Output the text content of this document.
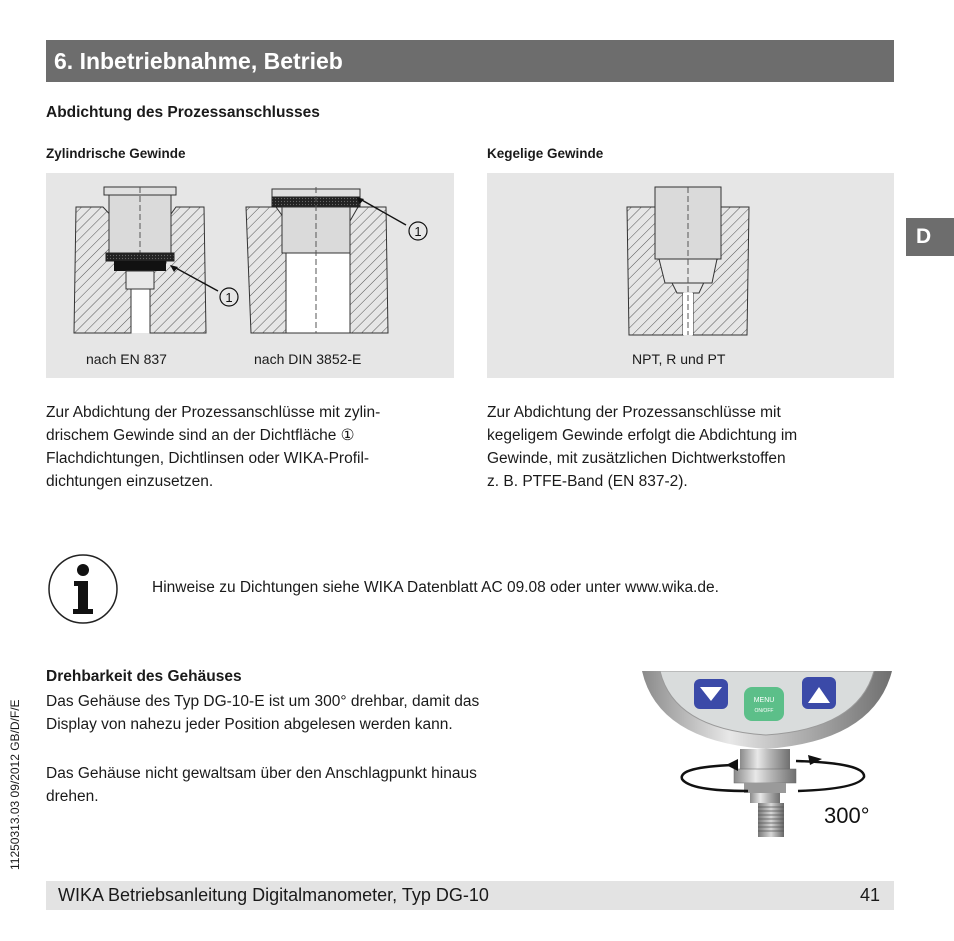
6. Inbetriebnahme, Betrieb
D
Abdichtung des Prozessanschlusses
Zylindrische Gewinde	Kegelige Gewinde
1
1
nach EN 837	nach DIN 3852-E	NPT, R und PT
Zur Abdichtung der Prozessanschlüsse mit zylin-
drischem Gewinde sind an der Dichtfläche ①
Flachdichtungen, Dichtlinsen oder WIKA-Profil-
dichtungen einzusetzen.
Zur Abdichtung der Prozessanschlüsse mit
kegeligem Gewinde erfolgt die Abdichtung im
Gewinde, mit zusätzlichen Dichtwerkstoffen
z. B. PTFE-Band (EN 837-2).
Hinweise zu Dichtungen siehe WIKA Datenblatt AC 09.08 oder unter www.wika.de.
Drehbarkeit des Gehäuses
Das Gehäuse des Typ DG-10-E ist um 300° drehbar, damit das
Display von nahezu jeder Position abgelesen werden kann.
Das Gehäuse nicht gewaltsam über den Anschlagpunkt hinaus
drehen.
MENU
ON/OFF
300°
11250313.03 09/2012 GB/D/F/E
WIKA Betriebsanleitung Digitalmanometer, Typ DG-10	41
